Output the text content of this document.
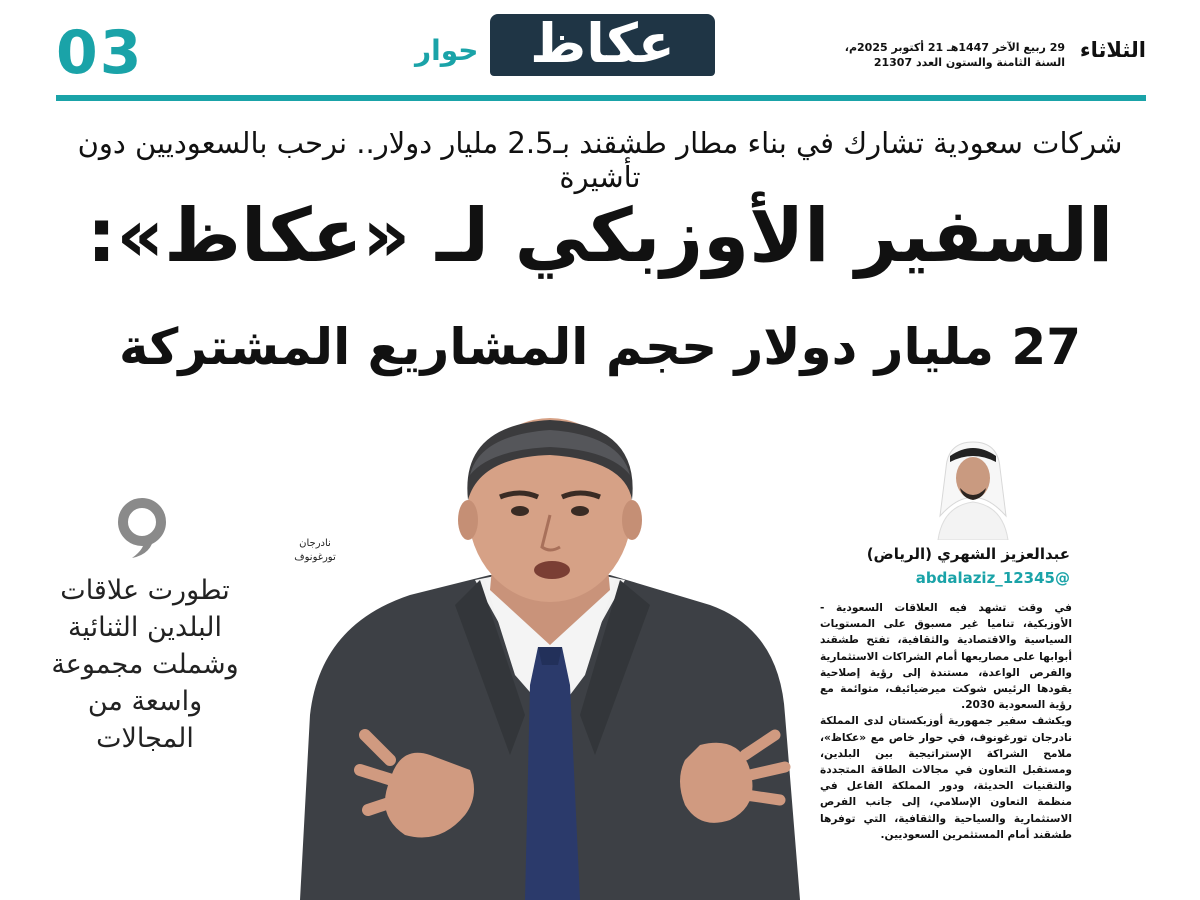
03	حوار عكاظ	29 ربيع الآخر 1447هـ 21 أكتوبر 2025م،
السنة الثامنة والستون العدد 21307
الثلاثاء
شركات سعودية تشارك في بناء مطار طشقند بـ2.5 مليار دولار.. نرحب بالسعوديين دون تأشيرة
السفير الأوزبكي لـ «عكاظ»:
27 مليار دولار حجم المشاريع المشتركة
تطورت علاقات البلدين الثنائية وشملت مجموعة واسعة من المجالات
نادرجان تورغونوف	عبدالعزيز الشهري (الرياض)
@abdalaziz_12345

في وقت تشهد فيه العلاقات السعودية - الأوزبكية، تناميا غير مسبوق على المستويات السياسية والاقتصادية والثقافية، تفتح طشقند أبوابها على مصاريعها أمام الشراكات الاستثمارية والفرص الواعدة، مستندة إلى رؤية إصلاحية يقودها الرئيس شوكت ميرضيائيف، متوائمة مع رؤية السعودية 2030.

ويكشف سفير جمهورية أوزبكستان لدى المملكة نادرجان تورغونوف، في حوار خاص مع «عكاظ»، ملامح الشراكة الإستراتيجية بين البلدين، ومستقبل التعاون في مجالات الطاقة المتجددة والتقنيات الحديثة، ودور المملكة الفاعل في منظمة التعاون الإسلامي، إلى جانب الفرص الاستثمارية والسياحية والثقافية، التي توفرها طشقند أمام المستثمرين السعوديين.
